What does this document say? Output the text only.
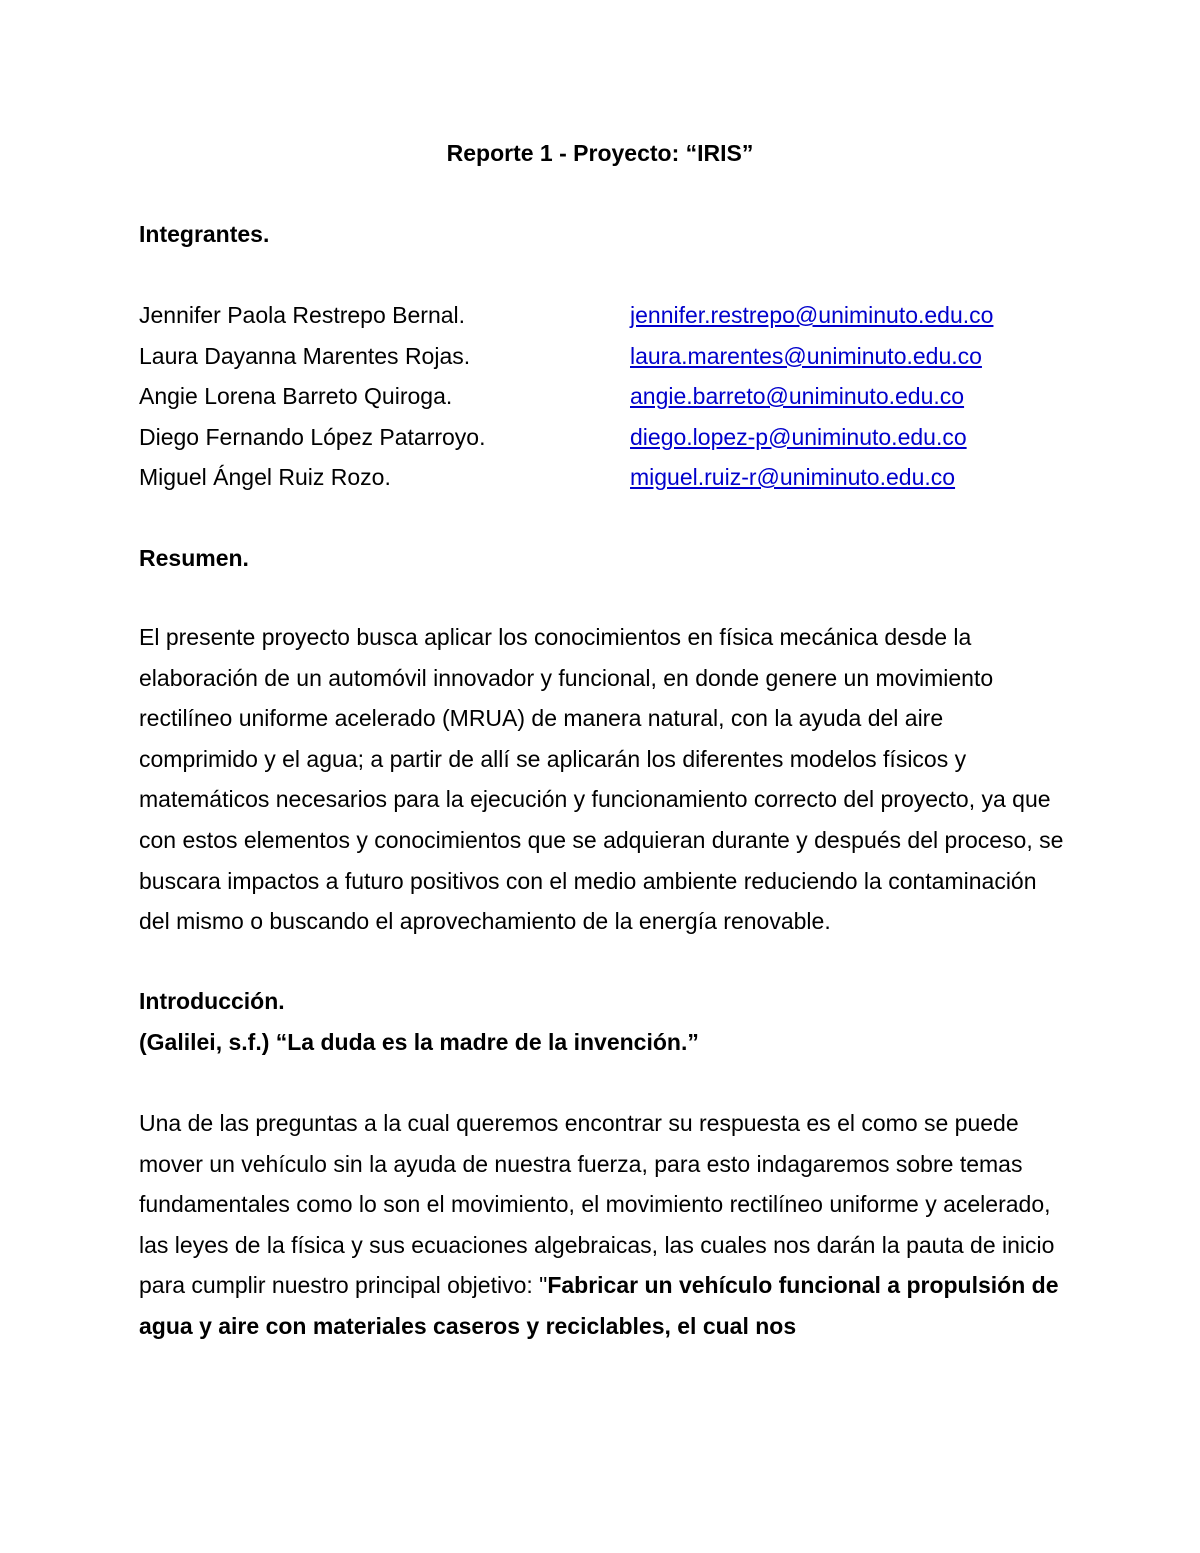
Reporte 1 - Proyecto: “IRIS”
Integrantes.
Jennifer Paola Restrepo Bernal.	jennifer.restrepo@uniminuto.edu.co
Laura Dayanna Marentes Rojas.	laura.marentes@uniminuto.edu.co
Angie Lorena Barreto Quiroga.	angie.barreto@uniminuto.edu.co
Diego Fernando López Patarroyo.	diego.lopez-p@uniminuto.edu.co
Miguel Ángel Ruiz Rozo.	miguel.ruiz-r@uniminuto.edu.co
Resumen.

El presente proyecto busca aplicar los conocimientos en física mecánica desde la elaboración de un automóvil innovador y funcional, en donde genere un movimiento rectilíneo uniforme acelerado (MRUA) de manera natural, con la ayuda del aire comprimido y el agua; a partir de allí se aplicarán los diferentes modelos físicos y matemáticos necesarios para la ejecución y funcionamiento correcto del proyecto, ya que con estos elementos y conocimientos que se adquieran durante y después del proceso, se buscara impactos a futuro positivos con el medio ambiente reduciendo la contaminación del mismo o buscando el aprovechamiento de la energía renovable.

Introducción.

(Galilei, s.f.) “La duda es la madre de la invención.”

Una de las preguntas a la cual queremos encontrar su respuesta es el como se puede mover un vehículo sin la ayuda de nuestra fuerza, para esto indagaremos sobre temas fundamentales como lo son el movimiento, el movimiento rectilíneo uniforme y acelerado, las leyes de la física y sus ecuaciones algebraicas, las cuales nos darán la pauta de inicio para cumplir nuestro principal objetivo: "Fabricar un vehículo funcional a propulsión de agua y aire con materiales caseros y reciclables, el cual nos
